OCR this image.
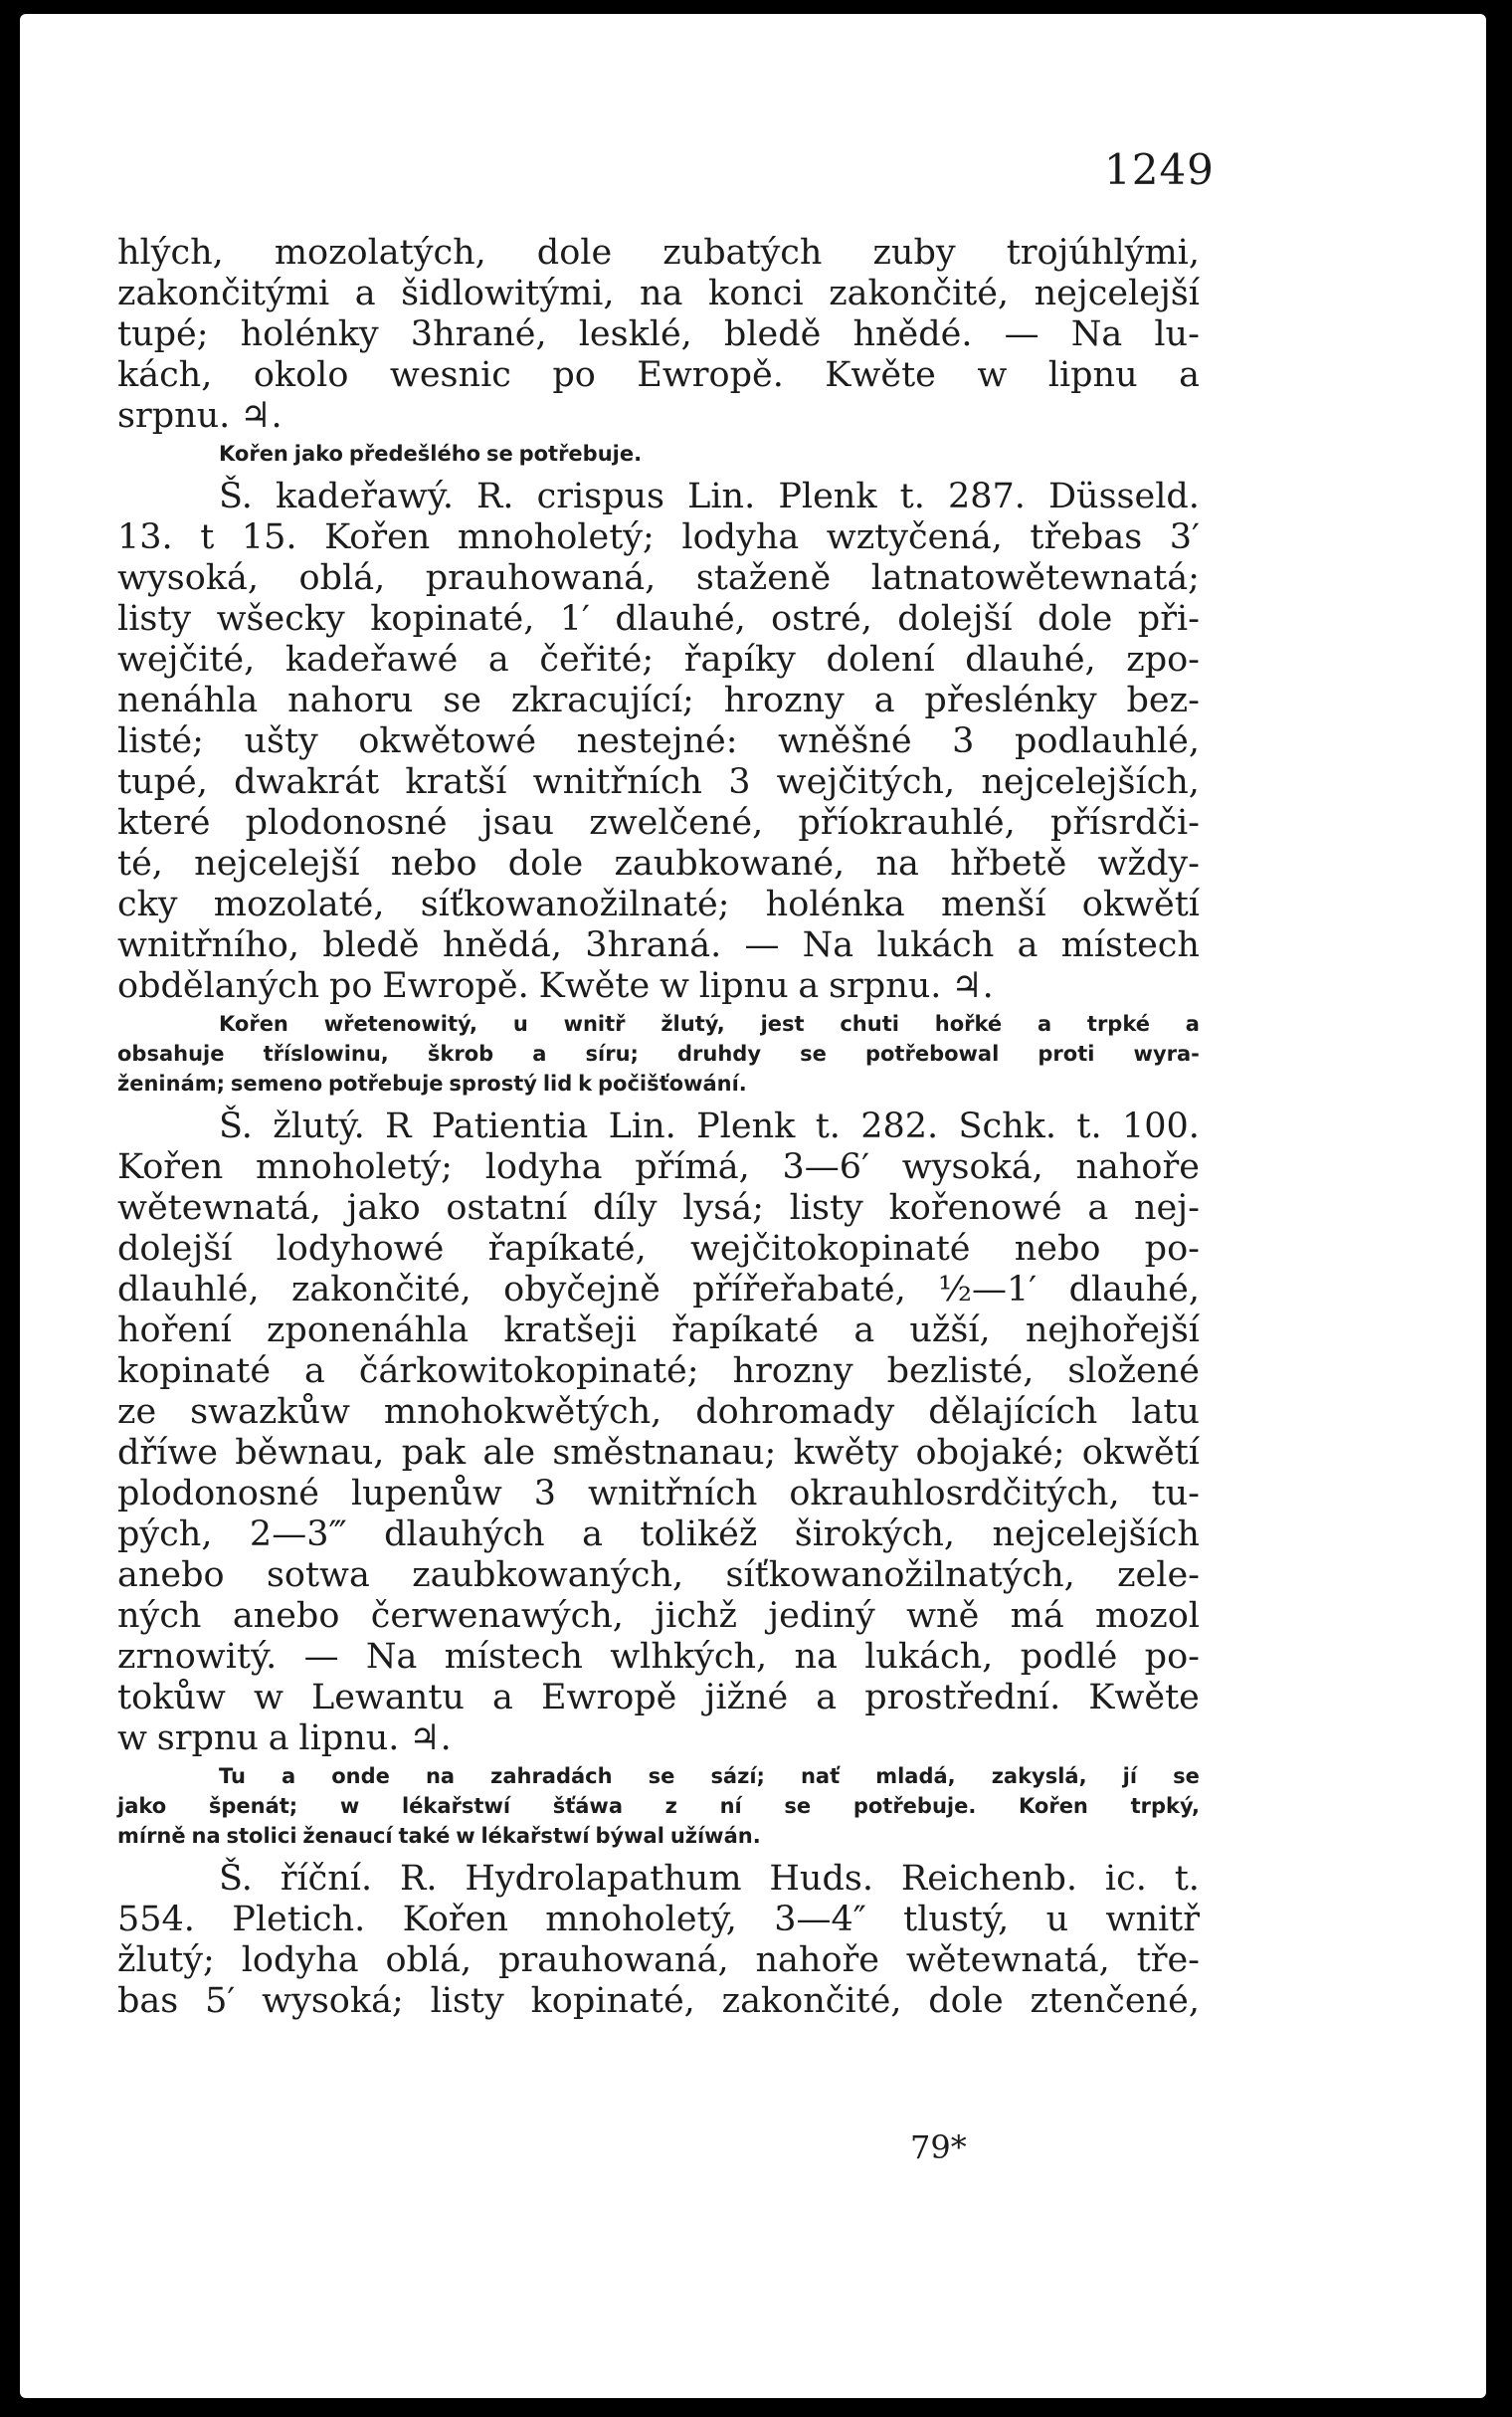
1249
hlých, mozolatých, dole zubatých zuby trojúhlými,
zakončitými a šidlowitými, na konci zakončité, nejcelejší
tupé; holénky 3hrané, lesklé, bledě hnědé. — Na lu-
kách, okolo wesnic po Ewropě. Kwěte w lipnu a
srpnu. ♃.
Kořen jako předešlého se potřebuje.
Š. kadeřawý. R. crispus Lin. Plenk t. 287. Düsseld.
13. t 15. Kořen mnoholetý; lodyha wztyčená, třebas 3′
wysoká, oblá, prauhowaná, staženě latnatowětewnatá;
listy wšecky kopinaté, 1′ dlauhé, ostré, dolejší dole při-
wejčité, kadeřawé a čeřité; řapíky dolení dlauhé, zpo-
nenáhla nahoru se zkracující; hrozny a přeslénky bez-
listé; ušty okwětowé nestejné: wněšné 3 podlauhlé,
tupé, dwakrát kratší wnitřních 3 wejčitých, nejcelejších,
které plodonosné jsau zwelčené, příokrauhlé, přísrdči-
té, nejcelejší nebo dole zaubkowané, na hřbetě wždy-
cky mozolaté, síťkowanožilnaté; holénka menší okwětí
wnitřního, bledě hnědá, 3hraná. — Na lukách a místech
obdělaných po Ewropě. Kwěte w lipnu a srpnu. ♃.
Kořen wřetenowitý, u wnitř žlutý, jest chuti hořké a trpké a
obsahuje tříslowinu, škrob a síru; druhdy se potřebowal proti wyra-
ženinám; semeno potřebuje sprostý lid k počišťowání.
Š. žlutý. R Patientia Lin. Plenk t. 282. Schk. t. 100.
Kořen mnoholetý; lodyha přímá, 3—6′ wysoká, nahoře
wětewnatá, jako ostatní díly lysá; listy kořenowé a nej-
dolejší lodyhowé řapíkaté, wejčitokopinaté nebo po-
dlauhlé, zakončité, obyčejně přířeřabaté, ½—1′ dlauhé,
hoření zponenáhla kratšeji řapíkaté a užší, nejhořejší
kopinaté a čárkowitokopinaté; hrozny bezlisté, složené
ze swazkůw mnohokwětých, dohromady dělajících latu
dříwe běwnau, pak ale směstnanau; kwěty obojaké; okwětí
plodonosné lupenůw 3 wnitřních okrauhlosrdčitých, tu-
pých, 2—3‴ dlauhých a tolikéž širokých, nejcelejších
anebo sotwa zaubkowaných, síťkowanožilnatých, zele-
ných anebo čerwenawých, jichž jediný wně má mozol
zrnowitý. — Na místech wlhkých, na lukách, podlé po-
tokůw w Lewantu a Ewropě jižné a prostřední. Kwěte
w srpnu a lipnu. ♃.
Tu a onde na zahradách se sází; nať mladá, zakyslá, jí se
jako špenát; w lékařstwí šťáwa z ní se potřebuje. Kořen trpký,
mírně na stolici ženaucí také w lékařstwí býwal užíwán.
Š. říční. R. Hydrolapathum Huds. Reichenb. ic. t.
554. Pletich. Kořen mnoholetý, 3—4″ tlustý, u wnitř
žlutý; lodyha oblá, prauhowaná, nahoře wětewnatá, tře-
bas 5′ wysoká; listy kopinaté, zakončité, dole ztenčené,
79*
